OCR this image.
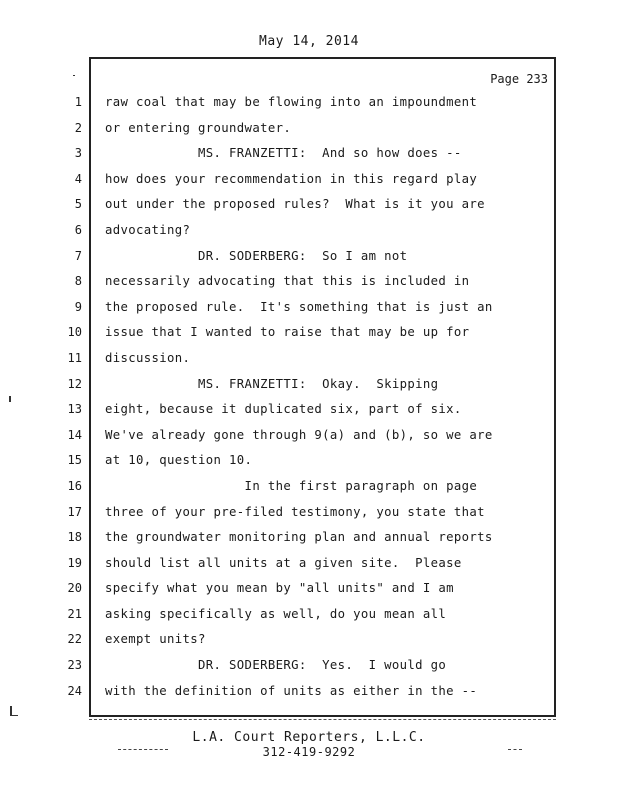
May 14, 2014
Page 233
1
2
3
4
5
6
7
8
9
10
11
12
13
14
15
16
17
18
19
20
21
22
23
24
raw coal that may be flowing into an impoundment
or entering groundwater.
MS. FRANZETTI:  And so how does --
how does your recommendation in this regard play
out under the proposed rules?  What is it you are
advocating?
DR. SODERBERG:  So I am not
necessarily advocating that this is included in
the proposed rule.  It's something that is just an
issue that I wanted to raise that may be up for
discussion.
MS. FRANZETTI:  Okay.  Skipping
eight, because it duplicated six, part of six.
We've already gone through 9(a) and (b), so we are
at 10, question 10.
In the first paragraph on page
three of your pre-filed testimony, you state that
the groundwater monitoring plan and annual reports
should list all units at a given site.  Please
specify what you mean by "all units" and I am
asking specifically as well, do you mean all
exempt units?
DR. SODERBERG:  Yes.  I would go
with the definition of units as either in the --
L.A. Court Reporters, L.L.C.
312-419-9292
